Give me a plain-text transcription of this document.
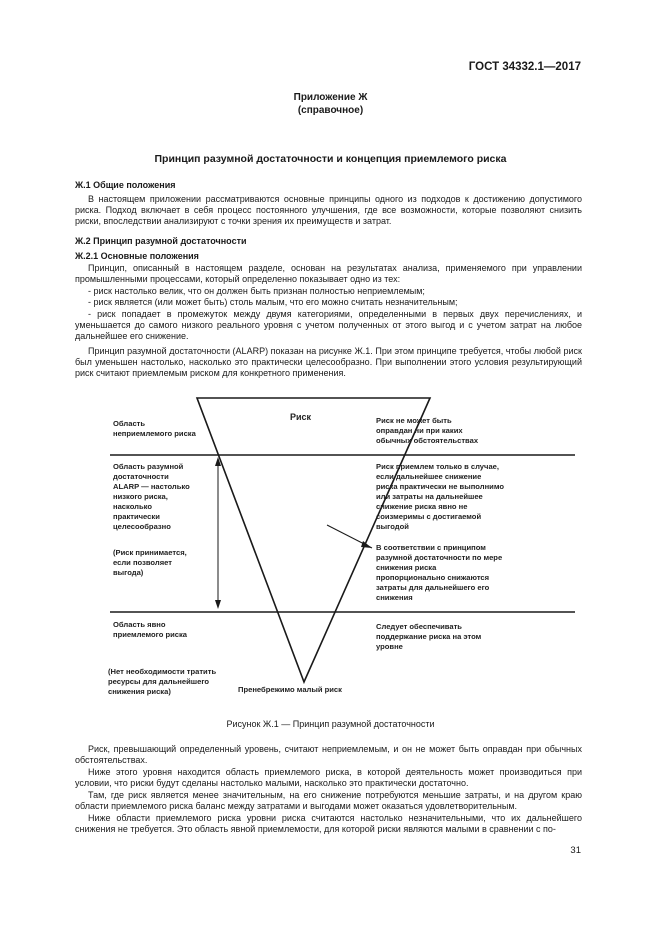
ГОСТ 34332.1—2017
Приложение Ж
(справочное)
Принцип разумной достаточности и концепция приемлемого риска
Ж.1 Общие положения

В настоящем приложении рассматриваются основные принципы одного из подходов к достижению допустимого риска. Подход включает в себя процесс постоянного улучшения, где все возможности, которые позволяют снизить риски, впоследствии анализируют с точки зрения их преимуществ и затрат.

Ж.2 Принцип разумной достаточности
Ж.2.1 Основные положения

Принцип, описанный в настоящем разделе, основан на результатах анализа, применяемого при управлении промышленными процессами, который определенно показывает одно из тех:

- риск настолько велик, что он должен быть признан полностью неприемлемым;

- риск является (или может быть) столь малым, что его можно считать незначительным;

- риск попадает в промежуток между двумя категориями, определенными в первых двух перечислениях, и уменьшается до самого низкого реального уровня с учетом полученных от этого выгод и с учетом затрат на любое дальнейшее его снижение.

Принцип разумной достаточности (ALARP) показан на рисунке Ж.1. При этом принципе требуется, чтобы любой риск был уменьшен настолько, насколько это практически целесообразно. При выполнении этого условия результирующий риск считают приемлемым риском для конкретного применения.

Риск
Область
неприемлемого риска
Область разумной
достаточности
ALARP — настолько
низкого риска,
насколько
практически
целесообразно
(Риск принимается,
если позволяет
выгода)
Область явно
приемлемого риска
(Нет необходимости тратить
ресурсы для дальнейшего
снижения риска)	Пренебрежимо малый риск
Риск не может быть
оправдан ни при каких
обычных обстоятельствах
Риск приемлем только в случае,
если дальнейшее снижение
риска практически не выполнимо
или затраты на дальнейшее
снижение риска явно не
соизмеримы с достигаемой
выгодой
В соответствии с принципом
разумной достаточности по мере
снижения риска
пропорционально снижаются
затраты для дальнейшего его
снижения
Следует обеспечивать
поддержание риска на этом
уровне
Рисунок Ж.1 — Принцип разумной достаточности

Риск, превышающий определенный уровень, считают неприемлемым, и он не может быть оправдан при обычных обстоятельствах.

Ниже этого уровня находится область приемлемого риска, в которой деятельность может производиться при условии, что риски будут сделаны настолько малыми, насколько это практически достаточно.

Там, где риск является менее значительным, на его снижение потребуются меньшие затраты, и на другом краю области приемлемого риска баланс между затратами и выгодами может оказаться удовлетворительным.

Ниже области приемлемого риска уровни риска считаются настолько незначительными, что их дальнейшего снижения не требуется. Это область явной приемлемости, для которой риски являются малыми в сравнении с по-

31
